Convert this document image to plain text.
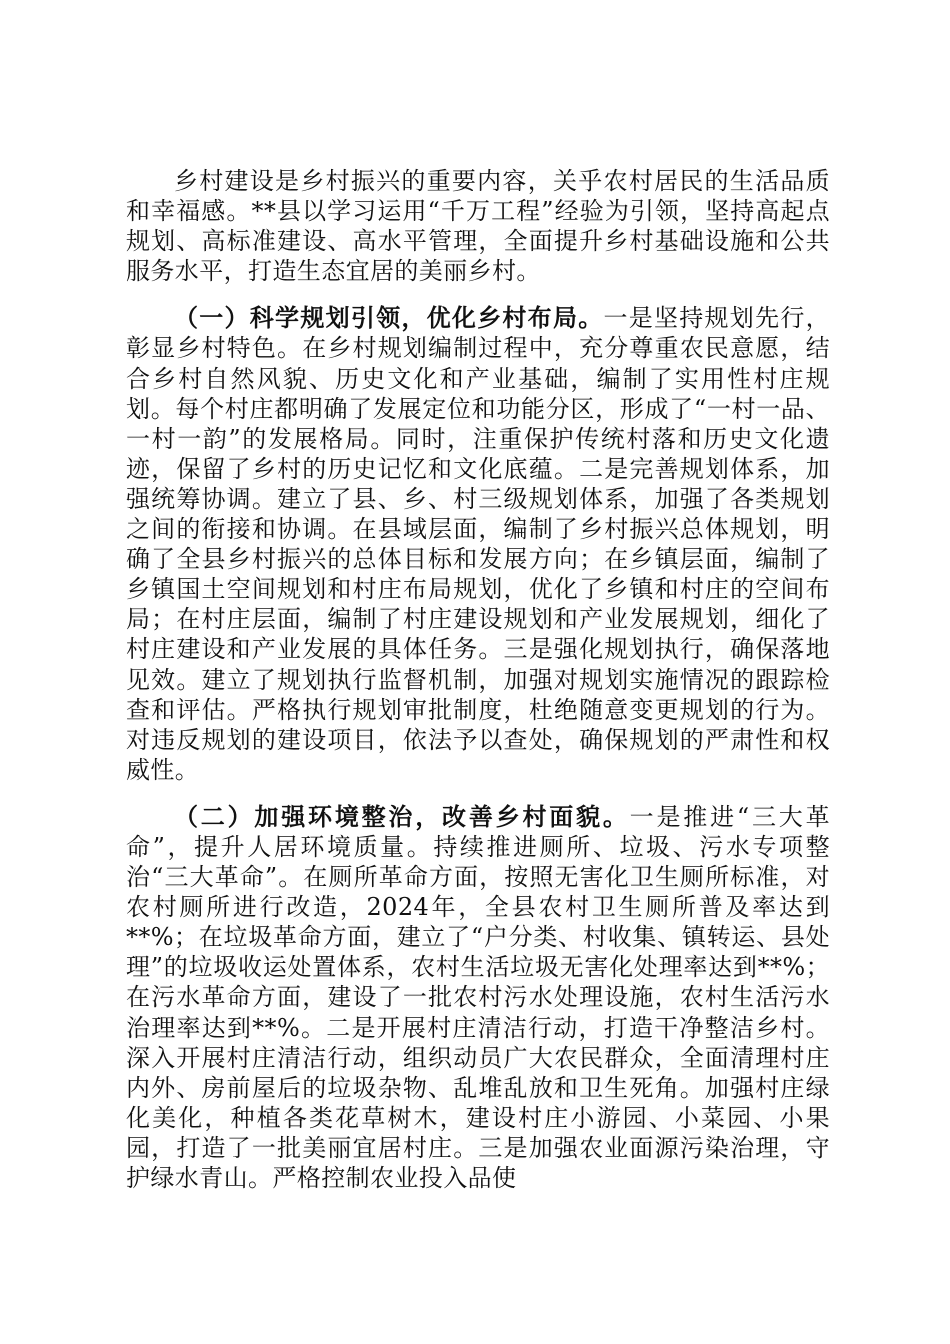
乡村建设是乡村振兴的重要内容，关乎农村居民的生活品质和幸福感。**县以学习运用“千万工程”经验为引领，坚持高起点规划、高标准建设、高水平管理，全面提升乡村基础设施和公共服务水平，打造生态宜居的美丽乡村。

（一）科学规划引领，优化乡村布局。一是坚持规划先行，彰显乡村特色。在乡村规划编制过程中，充分尊重农民意愿，结合乡村自然风貌、历史文化和产业基础，编制了实用性村庄规划。每个村庄都明确了发展定位和功能分区，形成了“一村一品、一村一韵”的发展格局。同时，注重保护传统村落和历史文化遗迹，保留了乡村的历史记忆和文化底蕴。二是完善规划体系，加强统筹协调。建立了县、乡、村三级规划体系，加强了各类规划之间的衔接和协调。在县域层面，编制了乡村振兴总体规划，明确了全县乡村振兴的总体目标和发展方向；在乡镇层面，编制了乡镇国土空间规划和村庄布局规划，优化了乡镇和村庄的空间布局；在村庄层面，编制了村庄建设规划和产业发展规划，细化了村庄建设和产业发展的具体任务。三是强化规划执行，确保落地见效。建立了规划执行监督机制，加强对规划实施情况的跟踪检查和评估。严格执行规划审批制度，杜绝随意变更规划的行为。对违反规划的建设项目，依法予以查处，确保规划的严肃性和权威性。

（二）加强环境整治，改善乡村面貌。一是推进“三大革命”，提升人居环境质量。持续推进厕所、垃圾、污水专项整治“三大革命”。在厕所革命方面，按照无害化卫生厕所标准，对农村厕所进行改造，2024年，全县农村卫生厕所普及率达到**%；在垃圾革命方面，建立了“户分类、村收集、镇转运、县处理”的垃圾收运处置体系，农村生活垃圾无害化处理率达到**%；在污水革命方面，建设了一批农村污水处理设施，农村生活污水治理率达到**%。二是开展村庄清洁行动，打造干净整洁乡村。深入开展村庄清洁行动，组织动员广大农民群众，全面清理村庄内外、房前屋后的垃圾杂物、乱堆乱放和卫生死角。加强村庄绿化美化，种植各类花草树木，建设村庄小游园、小菜园、小果园，打造了一批美丽宜居村庄。三是加强农业面源污染治理，守护绿水青山。严格控制农业投入品使
